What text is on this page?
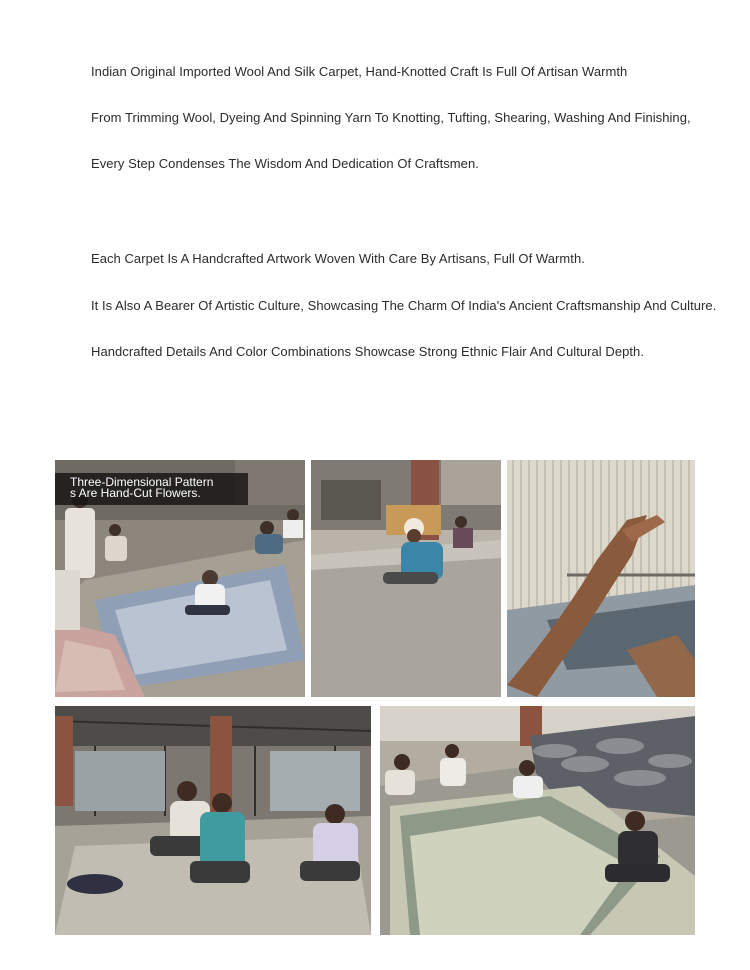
Indian Original Imported Wool And Silk Carpet, Hand-Knotted Craft Is Full Of Artisan Warmth
From Trimming Wool, Dyeing And Spinning Yarn To Knotting, Tufting, Shearing, Washing And Finishing,
Every Step Condenses The Wisdom And Dedication Of Craftsmen.
Each Carpet Is A Handcrafted Artwork Woven With Care By Artisans, Full Of Warmth.
It Is Also A Bearer Of Artistic Culture, Showcasing The Charm Of India's Ancient Craftsmanship And Culture.
Handcrafted Details And Color Combinations Showcase Strong Ethnic Flair And Cultural Depth.
Three-Dimensional Pattern
s Are Hand-Cut Flowers.
